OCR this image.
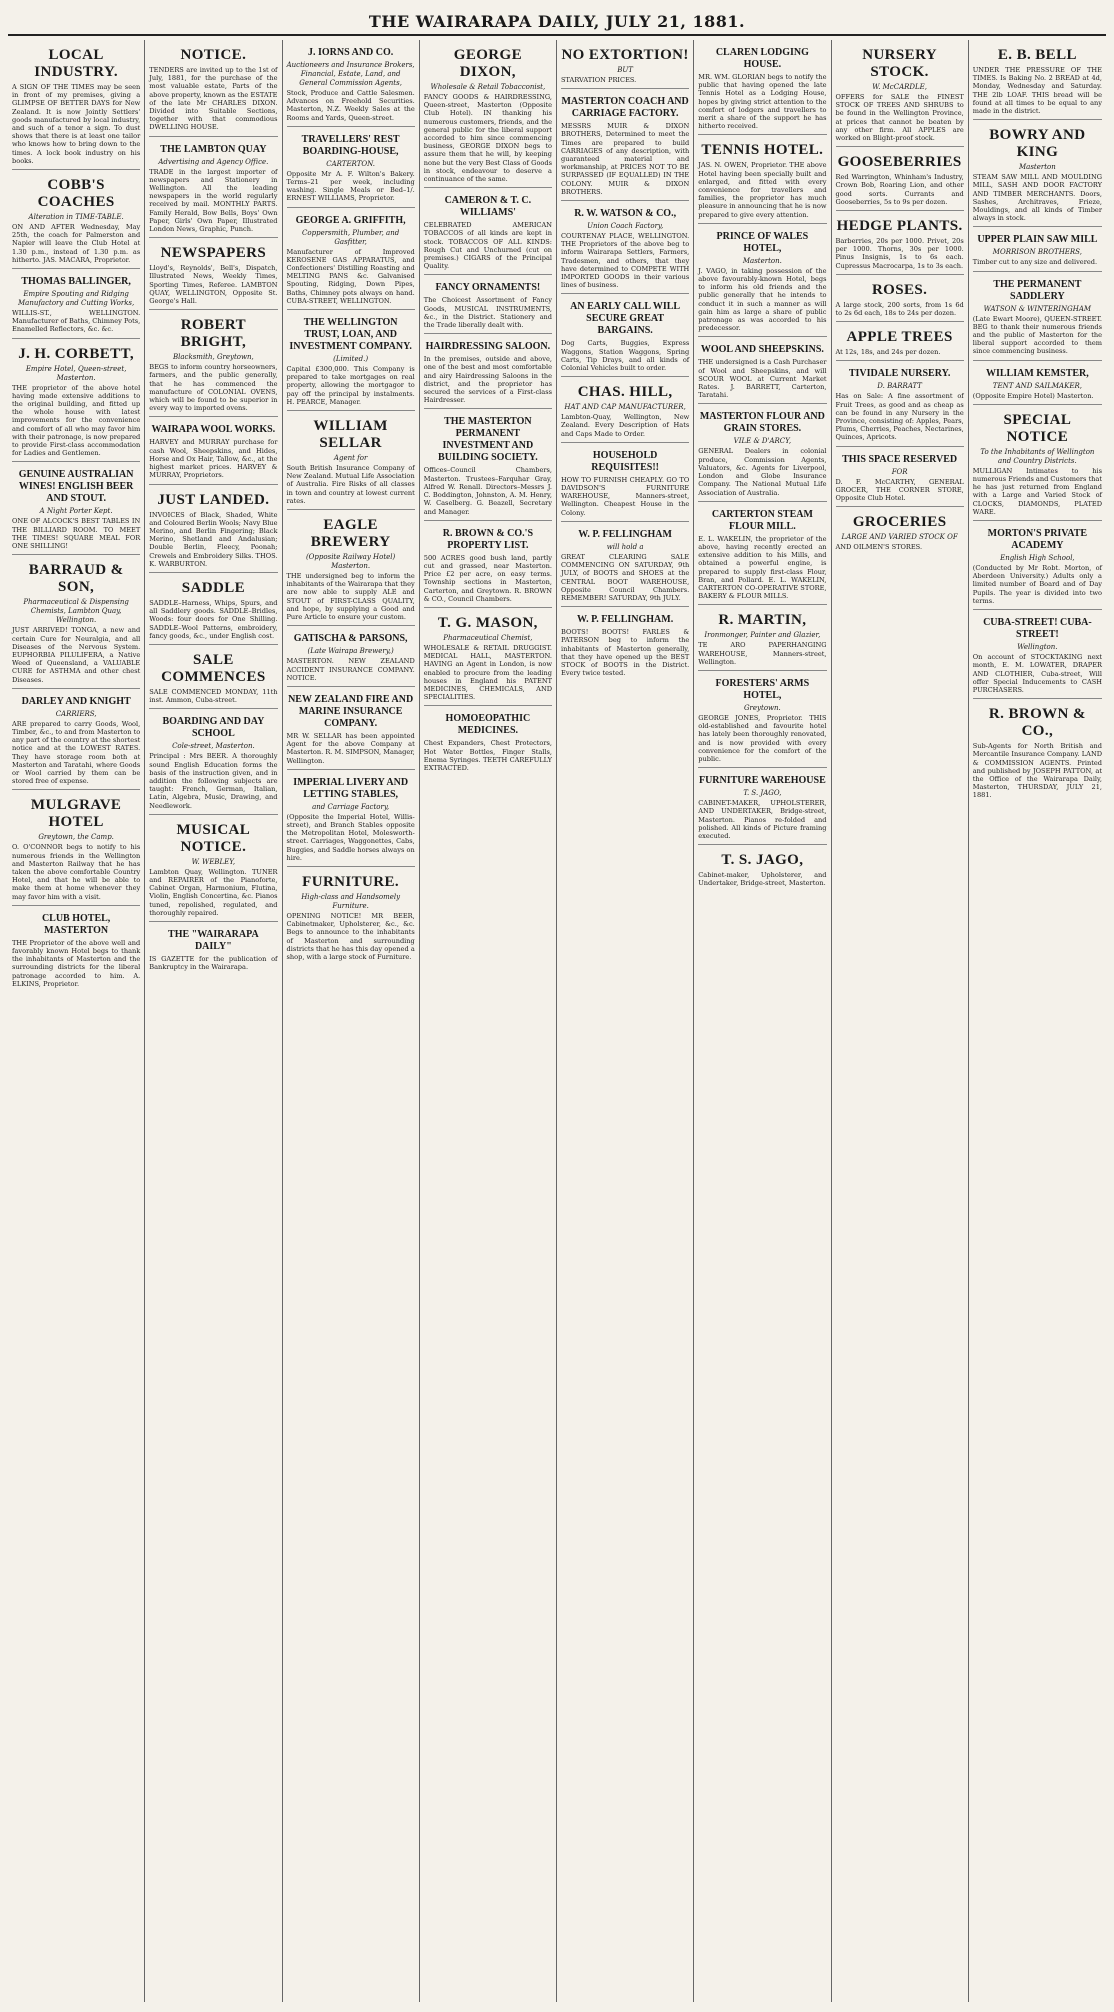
THE WAIRARAPA DAILY, JULY 21, 1881.
LOCAL INDUSTRY.
A SIGN OF THE TIMES may be seen in front of my premises, giving a GLIMPSE OF BETTER DAYS for New Zealand. It is now Jointly Settlers' goods manufactured by local industry, and such of a tenor a sign. To dust shows that there is at least one tailor who knows how to bring down to the times. A lock book industry on his books.
COBB'S COACHES
Alteration in TIME-TABLE.
ON AND AFTER Wednesday, May 25th, the coach for Palmerston and Napier will leave the Club Hotel at 1.30 p.m., instead of 1.30 p.m. as hitherto. JAS. MACARA, Proprietor.
THOMAS BALLINGER,
Empire Spouting and Ridging Manufactory and Cutting Works,
WILLIS-ST., WELLINGTON. Manufacturer of Baths, Chimney Pots, Enamelled Reflectors, &c. &c.
J. H. CORBETT,
Empire Hotel, Queen-street, Masterton.
THE proprietor of the above hotel having made extensive additions to the original building, and fitted up the whole house with latest improvements for the convenience and comfort of all who may favor him with their patronage, is now prepared to provide First-class accommodation for Ladies and Gentlemen.
GENUINE AUSTRALIAN WINES! ENGLISH BEER AND STOUT.
A Night Porter Kept.
ONE OF ALCOCK'S BEST TABLES IN THE BILLIARD ROOM. TO MEET THE TIMES! SQUARE MEAL FOR ONE SHILLING!
BARRAUD & SON,
Pharmaceutical & Dispensing Chemists, Lambton Quay, Wellington.
JUST ARRIVED! TONGA, a new and certain Cure for Neuralgia, and all Diseases of the Nervous System. EUPHORBIA PILULIFERA, a Native Weed of Queensland, a VALUABLE CURE for ASTHMA and other chest Diseases.
DARLEY AND KNIGHT
CARRIERS,
ARE prepared to carry Goods, Wool, Timber, &c., to and from Masterton to any part of the country at the shortest notice and at the LOWEST RATES. They have storage room both at Masterton and Taratahi, where Goods or Wool carried by them can be stored free of expense.
MULGRAVE HOTEL
Greytown, the Camp.
O. O'CONNOR begs to notify to his numerous friends in the Wellington and Masterton Railway that he has taken the above comfortable Country Hotel, and that he will be able to make them at home whenever they may favor him with a visit.
CLUB HOTEL, MASTERTON
THE Proprietor of the above well and favorably known Hotel begs to thank the inhabitants of Masterton and the surrounding districts for the liberal patronage accorded to him. A. ELKINS, Proprietor.
NOTICE.
TENDERS are invited up to the 1st of July, 1881, for the purchase of the most valuable estate, Parts of the above property, known as the ESTATE of the late Mr CHARLES DIXON. Divided into Suitable Sections, together with that commodious DWELLING HOUSE.
THE LAMBTON QUAY
Advertising and Agency Office.
TRADE in the largest importer of newspapers and Stationery in Wellington. All the leading newspapers in the world regularly received by mail. MONTHLY PARTS. Family Herald, Bow Bells, Boys' Own Paper, Girls' Own Paper, Illustrated London News, Graphic, Punch.
NEWSPAPERS
Lloyd's, Reynolds', Bell's, Dispatch, Illustrated News, Weekly Times, Sporting Times, Referee. LAMBTON QUAY, WELLINGTON, Opposite St. George's Hall.
ROBERT BRIGHT,
Blacksmith, Greytown,
BEGS to inform country horseowners, farmers, and the public generally, that he has commenced the manufacture of COLONIAL OVENS, which will be found to be superior in every way to imported ovens.
WAIRAPA WOOL WORKS.
HARVEY and MURRAY purchase for cash Wool, Sheepskins, and Hides, Horse and Ox Hair, Tallow, &c., at the highest market prices. HARVEY & MURRAY, Proprietors.
JUST LANDED.
INVOICES of Black, Shaded, White and Coloured Berlin Wools; Navy Blue Merino, and Berlin Fingering; Black Merino, Shetland and Andalusian; Double Berlin, Fleecy, Poonah; Crewels and Embroidery Silks. THOS. K. WARBURTON.
SADDLE
SADDLE–Harness, Whips, Spurs, and all Saddlery goods. SADDLE–Bridles, Woods: four doors for One Shilling. SADDLE–Wool Patterns, embroidery, fancy goods, &c., under English cost.
SALE COMMENCES
SALE COMMENCED MONDAY, 11th inst. Ammon, Cuba-street.
BOARDING AND DAY SCHOOL
Cole-street, Masterton.
Principal : Mrs BEER. A thoroughly sound English Education forms the basis of the instruction given, and in addition the following subjects are taught: French, German, Italian, Latin, Algebra, Music, Drawing, and Needlework.
MUSICAL NOTICE.
W. WEBLEY,
Lambton Quay, Wellington. TUNER and REPAIRER of the Pianoforte, Cabinet Organ, Harmonium, Flutina, Violin, English Concertina, &c. Pianos tuned, repolished, regulated, and thoroughly repaired.
THE "WAIRARAPA DAILY"
IS GAZETTE for the publication of Bankruptcy in the Wairarapa.
J. IORNS AND CO.
Auctioneers and Insurance Brokers, Financial, Estate, Land, and General Commission Agents,
Stock, Produce and Cattle Salesmen. Advances on Freehold Securities. Masterton, N.Z. Weekly Sales at the Rooms and Yards, Queen-street.
TRAVELLERS' REST BOARDING-HOUSE,
CARTERTON.
Opposite Mr A. F. Wilton's Bakery. Terms–21 per week, including washing. Single Meals or Bed–1/. ERNEST WILLIAMS, Proprietor.
GEORGE A. GRIFFITH,
Coppersmith, Plumber, and Gasfitter,
Manufacturer of Improved KEROSENE GAS APPARATUS, and Confectioners' Distilling Roasting and MELTING PANS &c. Galvanised Spouting, Ridging, Down Pipes, Baths, Chimney pots always on hand. CUBA-STREET, WELLINGTON.
THE WELLINGTON TRUST, LOAN, AND INVESTMENT COMPANY.
(Limited.)
Capital £300,000. This Company is prepared to take mortgages on real property, allowing the mortgagor to pay off the principal by instalments. H. PEARCE, Manager.
WILLIAM SELLAR
Agent for
South British Insurance Company of New Zealand. Mutual Life Association of Australia. Fire Risks of all classes in town and country at lowest current rates.
EAGLE BREWERY
(Opposite Railway Hotel) Masterton.
THE undersigned beg to inform the inhabitants of the Wairarapa that they are now able to supply ALE and STOUT of FIRST-CLASS QUALITY, and hope, by supplying a Good and Pure Article to ensure your custom.
GATISCHA & PARSONS,
(Late Wairapa Brewery,)
MASTERTON. NEW ZEALAND ACCIDENT INSURANCE COMPANY. NOTICE.
NEW ZEALAND FIRE AND MARINE INSURANCE COMPANY.
MR W. SELLAR has been appointed Agent for the above Company at Masterton. R. M. SIMPSON, Manager, Wellington.
IMPERIAL LIVERY AND LETTING STABLES,
and Carriage Factory,
(Opposite the Imperial Hotel, Willis-street), and Branch Stables opposite the Metropolitan Hotel, Molesworth-street. Carriages, Waggonettes, Cabs, Buggies, and Saddle horses always on hire.
FURNITURE.
High-class and Handsomely Furniture.
OPENING NOTICE! MR BEER, Cabinetmaker, Upholsterer, &c., &c. Begs to announce to the inhabitants of Masterton and surrounding districts that he has this day opened a shop, with a large stock of Furniture.
GEORGE DIXON,
Wholesale & Retail Tobacconist,
FANCY GOODS & HAIRDRESSING, Queen-street, Masterton (Opposite Club Hotel). IN thanking his numerous customers, friends, and the general public for the liberal support accorded to him since commencing business, GEORGE DIXON begs to assure them that he will, by keeping none but the very Best Class of Goods in stock, endeavour to deserve a continuance of the same.
CAMERON & T. C. WILLIAMS'
CELEBRATED AMERICAN TOBACCOS of all kinds are kept in stock. TOBACCOS OF ALL KINDS: Rough Cut and Unchurned (cut on premises.) CIGARS of the Principal Quality.
FANCY ORNAMENTS!
The Choicest Assortment of Fancy Goods, MUSICAL INSTRUMENTS, &c., in the District. Stationery and the Trade liberally dealt with.
HAIRDRESSING SALOON.
In the premises, outside and above, one of the best and most comfortable and airy Hairdressing Saloons in the district, and the proprietor has secured the services of a First-class Hairdresser.
THE MASTERTON PERMANENT INVESTMENT AND BUILDING SOCIETY.
Offices–Council Chambers, Masterton. Trustees–Farquhar Gray, Alfred W. Renall. Directors–Messrs J. C. Boddington, Johnston, A. M. Henry, W. Caselberg. G. Beazell, Secretary and Manager.
R. BROWN & CO.'S PROPERTY LIST.
500 ACRES good bush land, partly cut and grassed, near Masterton. Price £2 per acre, on easy terms. Township sections in Masterton, Carterton, and Greytown. R. BROWN & CO., Council Chambers.
T. G. MASON,
Pharmaceutical Chemist,
WHOLESALE & RETAIL DRUGGIST. MEDICAL HALL, MASTERTON. HAVING an Agent in London, is now enabled to procure from the leading houses in England his PATENT MEDICINES, CHEMICALS, AND SPECIALITIES.
HOMOEOPATHIC MEDICINES.
Chest Expanders, Chest Protectors, Hot Water Bottles, Finger Stalls, Enema Syringes. TEETH CAREFULLY EXTRACTED.
NO EXTORTION!
BUT
STARVATION PRICES.
MASTERTON COACH AND CARRIAGE FACTORY.
MESSRS MUIR & DIXON BROTHERS, Determined to meet the Times are prepared to build CARRIAGES of any description, with guaranteed material and workmanship, at PRICES NOT TO BE SURPASSED (IF EQUALLED) IN THE COLONY. MUIR & DIXON BROTHERS.
R. W. WATSON & CO.,
Union Coach Factory,
COURTENAY PLACE, WELLINGTON. THE Proprietors of the above beg to inform Wairarapa Settlers, Farmers, Tradesmen, and others, that they have determined to COMPETE WITH IMPORTED GOODS in their various lines of business.
AN EARLY CALL WILL SECURE GREAT BARGAINS.
Dog Carts, Buggies, Express Waggons, Station Waggons, Spring Carts, Tip Drays, and all kinds of Colonial Vehicles built to order.
CHAS. HILL,
HAT AND CAP MANUFACTURER,
Lambton-Quay, Wellington, New Zealand. Every Description of Hats and Caps Made to Order.
HOUSEHOLD REQUISITES!!
HOW TO FURNISH CHEAPLY. GO TO DAVIDSON'S FURNITURE WAREHOUSE, Manners-street, Wellington. Cheapest House in the Colony.
W. P. FELLINGHAM
will hold a
GREAT CLEARING SALE COMMENCING ON SATURDAY, 9th JULY, of BOOTS and SHOES at the CENTRAL BOOT WAREHOUSE, Opposite Council Chambers. REMEMBER! SATURDAY, 9th JULY.
W. P. FELLINGHAM.
BOOTS! BOOTS! FARLES & PATERSON beg to inform the inhabitants of Masterton generally, that they have opened up the BEST STOCK of BOOTS in the District. Every twice tested.
CLAREN LODGING HOUSE.
MR. WM. GLORIAN begs to notify the public that having opened the late Tennis Hotel as a Lodging House, hopes by giving strict attention to the comfort of lodgers and travellers to merit a share of the support he has hitherto received.
TENNIS HOTEL.
JAS. N. OWEN, Proprietor. THE above Hotel having been specially built and enlarged, and fitted with every convenience for travellers and families, the proprietor has much pleasure in announcing that he is now prepared to give every attention.
PRINCE OF WALES HOTEL,
Masterton.
J. VAGO, in taking possession of the above favourably-known Hotel, begs to inform his old friends and the public generally that he intends to conduct it in such a manner as will gain him as large a share of public patronage as was accorded to his predecessor.
WOOL AND SHEEPSKINS.
THE undersigned is a Cash Purchaser of Wool and Sheepskins, and will SCOUR WOOL at Current Market Rates. J. BARRETT, Carterton, Taratahi.
MASTERTON FLOUR AND GRAIN STORES.
VILE & D'ARCY,
GENERAL Dealers in colonial produce, Commission Agents, Valuators, &c. Agents for Liverpool, London and Globe Insurance Company. The National Mutual Life Association of Australia.
CARTERTON STEAM FLOUR MILL.
E. L. WAKELIN, the proprietor of the above, having recently erected an extensive addition to his Mills, and obtained a powerful engine, is prepared to supply first-class Flour, Bran, and Pollard. E. L. WAKELIN, CARTERTON CO-OPERATIVE STORE, BAKERY & FLOUR MILLS.
R. MARTIN,
Ironmonger, Painter and Glazier,
TE ARO PAPERHANGING WAREHOUSE, Manners-street, Wellington.
FORESTERS' ARMS HOTEL,
Greytown.
GEORGE JONES, Proprietor. THIS old-established and favourite hotel has lately been thoroughly renovated, and is now provided with every convenience for the comfort of the public.
FURNITURE WAREHOUSE
T. S. JAGO,
CABINET-MAKER, UPHOLSTERER, AND UNDERTAKER, Bridge-street, Masterton. Pianos re-folded and polished. All kinds of Picture framing executed.
T. S. JAGO,
Cabinet-maker, Upholsterer, and Undertaker, Bridge-street, Masterton.
NURSERY STOCK.
W. McCARDLE,
OFFERS for SALE the FINEST STOCK OF TREES AND SHRUBS to be found in the Wellington Province, at prices that cannot be beaten by any other firm. All APPLES are worked on Blight-proof stock.
GOOSEBERRIES
Red Warrington, Whinham's Industry, Crown Bob, Roaring Lion, and other good sorts. Currants and Gooseberries, 5s to 9s per dozen.
HEDGE PLANTS.
Barberries, 20s per 1000. Privet, 20s per 1000. Thorns, 30s per 1000. Pinus Insignis, 1s to 6s each. Cupressus Macrocarpa, 1s to 3s each.
ROSES.
A large stock, 200 sorts, from 1s 6d to 2s 6d each, 18s to 24s per dozen.
APPLE TREES
At 12s, 18s, and 24s per dozen.
TIVIDALE NURSERY.
D. BARRATT
Has on Sale: A fine assortment of Fruit Trees, as good and as cheap as can be found in any Nursery in the Province, consisting of: Apples, Pears, Plums, Cherries, Peaches, Nectarines, Quinces, Apricots.
THIS SPACE RESERVED
FOR
D. F. McCARTHY, GENERAL GROCER, THE CORNER STORE, Opposite Club Hotel.
GROCERIES
LARGE AND VARIED STOCK OF
AND OILMEN'S STORES.
E. B. BELL
UNDER THE PRESSURE OF THE TIMES. Is Baking No. 2 BREAD at 4d, Monday, Wednesday and Saturday. THE 2lb LOAF. THIS bread will be found at all times to be equal to any made in the district.
BOWRY AND KING
Masterton
STEAM SAW MILL AND MOULDING MILL, SASH AND DOOR FACTORY AND TIMBER MERCHANTS. Doors, Sashes, Architraves, Frieze, Mouldings, and all kinds of Timber always in stock.
UPPER PLAIN SAW MILL
MORRISON BROTHERS,
Timber cut to any size and delivered.
THE PERMANENT SADDLERY
WATSON & WINTERINGHAM
(Late Ewart Moore), QUEEN-STREET. BEG to thank their numerous friends and the public of Masterton for the liberal support accorded to them since commencing business.
WILLIAM KEMSTER,
TENT AND SAILMAKER,
(Opposite Empire Hotel) Masterton.
SPECIAL NOTICE
To the Inhabitants of Wellington and Country Districts.
MULLIGAN Intimates to his numerous Friends and Customers that he has just returned from England with a Large and Varied Stock of CLOCKS, DIAMONDS, PLATED WARE.
MORTON'S PRIVATE ACADEMY
English High School,
(Conducted by Mr Robt. Morton, of Aberdeen University.) Adults only a limited number of Board and of Day Pupils. The year is divided into two terms.
CUBA-STREET! CUBA-STREET!
Wellington.
On account of STOCKTAKING next month, E. M. LOWATER, DRAPER AND CLOTHIER, Cuba-street, Will offer Special Inducements to CASH PURCHASERS.
R. BROWN & CO.,
Sub-Agents for North British and Mercantile Insurance Company. LAND & COMMISSION AGENTS. Printed and published by JOSEPH PATTON, at the Office of the Wairarapa Daily, Masterton, THURSDAY, JULY 21, 1881.
